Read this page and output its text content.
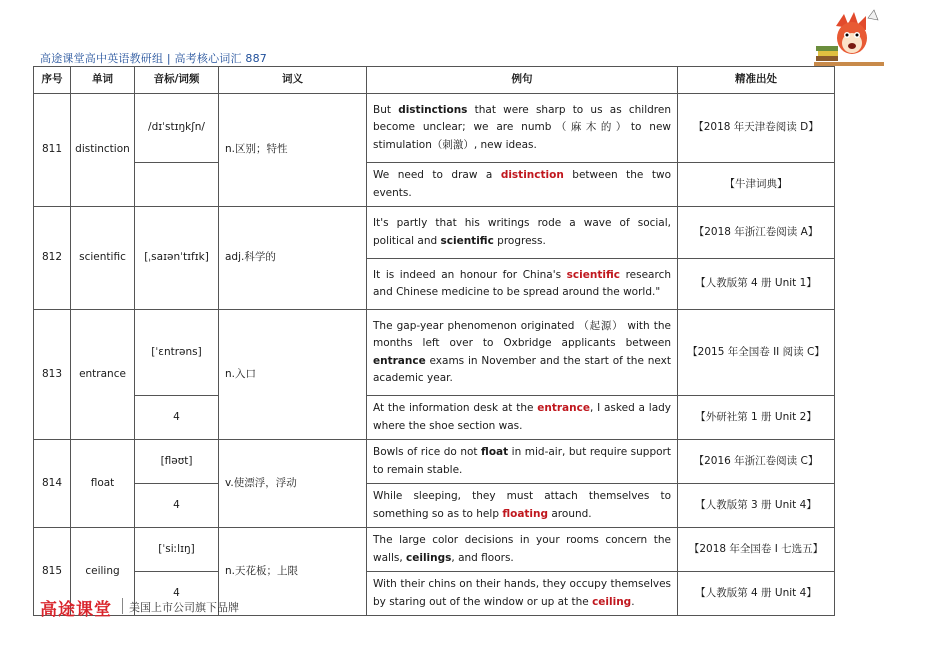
高途课堂高中英语教研组 | 高考核心词汇 887
序号	单词	音标/词频	词义	例句	精准出处
811	distinction	/dɪˈstɪŋkʃn/	n.区别；特性	But distinctions that were sharp to us as children become unclear; we are numb（麻木的）to new stimulation（刺激）, new ideas.	【2018 年天津卷阅读 D】
				We need to draw a distinction between the two events.	【牛津词典】
812	scientific	[ˌsaɪənˈtɪfɪk]	adj.科学的	It's partly that his writings rode a wave of social, political and scientific progress.	【2018 年浙江卷阅读 A】
				It is indeed an honour for China's scientific research and Chinese medicine to be spread around the world."	【人教版第 4 册 Unit 1】
813	entrance	[ˈɛntrəns]	n.入口	The gap-year phenomenon originated （起源） with the months left over to Oxbridge applicants between entrance exams in November and the start of the next academic year.	【2015 年全国卷 II 阅读 C】
		4		At the information desk at the entrance, I asked a lady where the shoe section was.	【外研社第 1 册 Unit 2】
814	float	[fləʊt]	v.使漂浮，浮动	Bowls of rice do not float in mid-air, but require support to remain stable.	【2016 年浙江卷阅读 C】
		4		While sleeping, they must attach themselves to something so as to help floating around.	【人教版第 3 册 Unit 4】
815	ceiling	[ˈsiːlɪŋ]	n.天花板；上限	The large color decisions in your rooms concern the walls, ceilings, and floors.	【2018 年全国卷 I 七选五】
		4		With their chins on their hands, they occupy themselves by staring out of the window or up at the ceiling.	【人教版第 4 册 Unit 4】
高途课堂 美国上市公司旗下品牌
